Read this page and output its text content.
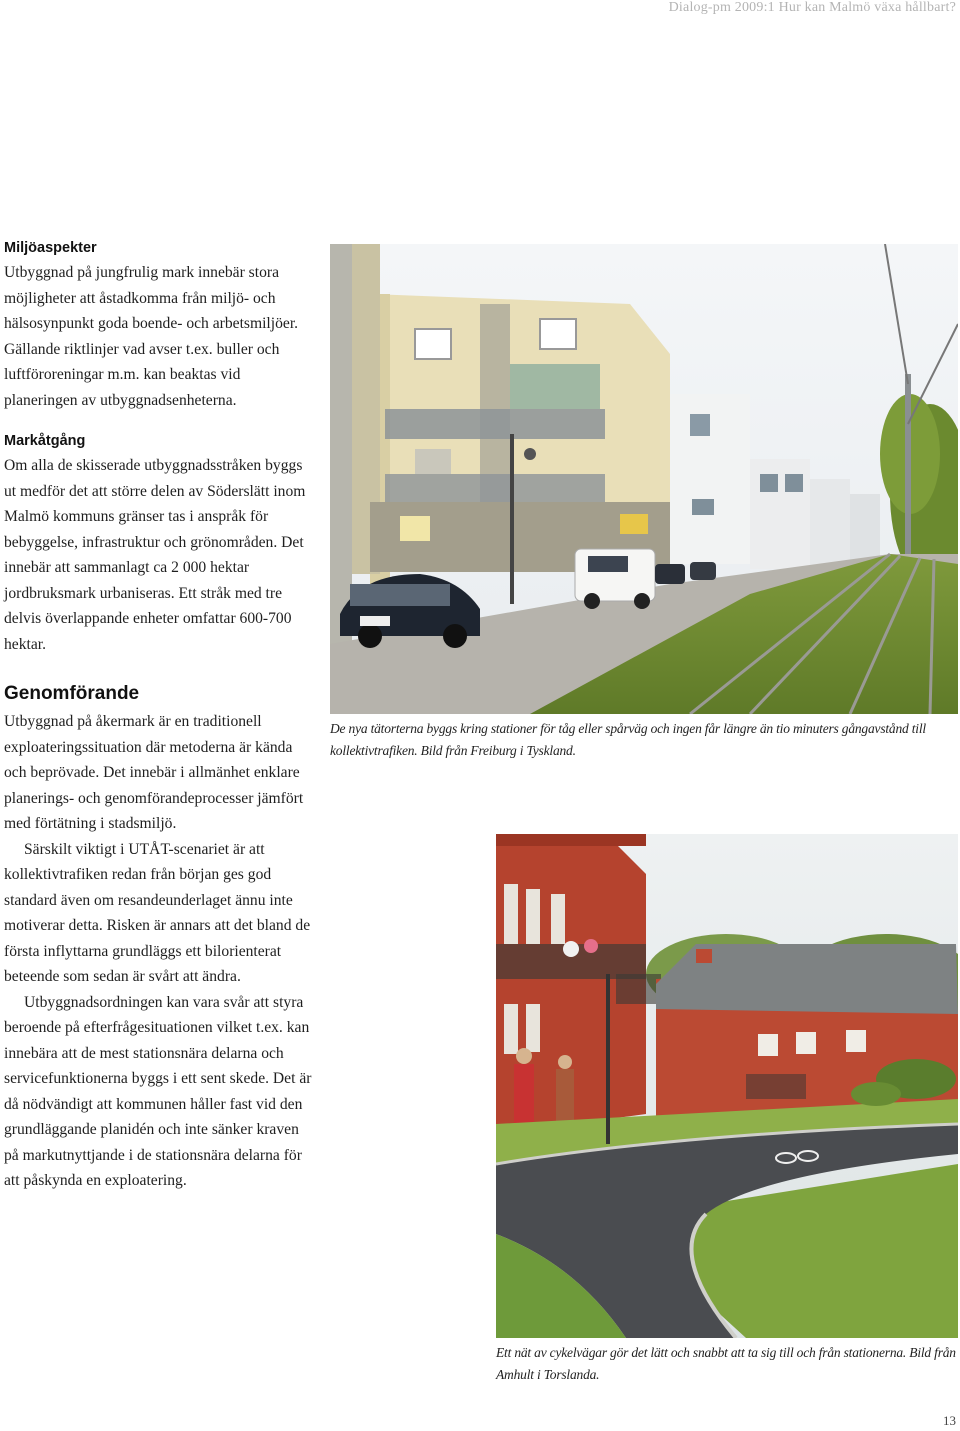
Dialog-pm 2009:1 Hur kan Malmö växa hållbart?
Miljöaspekter

Utbyggnad på jungfrulig mark innebär stora möjligheter att åstadkomma från miljö- och hälsosynpunkt goda boende- och arbetsmiljöer. Gällande riktlinjer vad avser t.ex. buller och luftföroreningar m.m. kan beaktas vid planeringen av utbyggnadsenheterna.

Markåtgång

Om alla de skisserade utbyggnadsstråken byggs ut medför det att större delen av Söderslätt inom Malmö kommuns gränser tas i anspråk för bebyggelse, infrastruktur och grönområden. Det innebär att sammanlagt ca 2 000 hektar jordbruksmark urbaniseras. Ett stråk med tre delvis överlappande enheter omfattar 600-700 hektar.

Genomförande

Utbyggnad på åkermark är en traditionell exploateringssituation där metoderna är kända och beprövade. Det innebär i allmänhet enklare planerings- och genomförandeprocesser jämfört med förtätning i stadsmiljö.

Särskilt viktigt i UTÅT-scenariet är att kollektivtrafiken redan från början ges god standard även om resandeunderlaget ännu inte motiverar detta. Risken är annars att det bland de första inflyttarna grundläggs ett bilorienterat beteende som sedan är svårt att ändra.

Utbyggnadsordningen kan vara svår att styra beroende på efterfrågesituationen vilket t.ex. kan innebära att de mest stationsnära delarna och servicefunktionerna byggs i ett sent skede. Det är då nödvändigt att kommunen håller fast vid den grundläggande planidén och inte sänker kraven på markutnyttjande i de stationsnära delarna för att påskynda en exploatering.

De nya tätorterna byggs kring stationer för tåg eller spårväg och ingen får längre än tio minuters gångavstånd till kollektivtrafiken. Bild från Freiburg i Tyskland.
Ett nät av cykelvägar gör det lätt och snabbt att ta sig till och från stationerna. Bild från Amhult i Torslanda.
13
